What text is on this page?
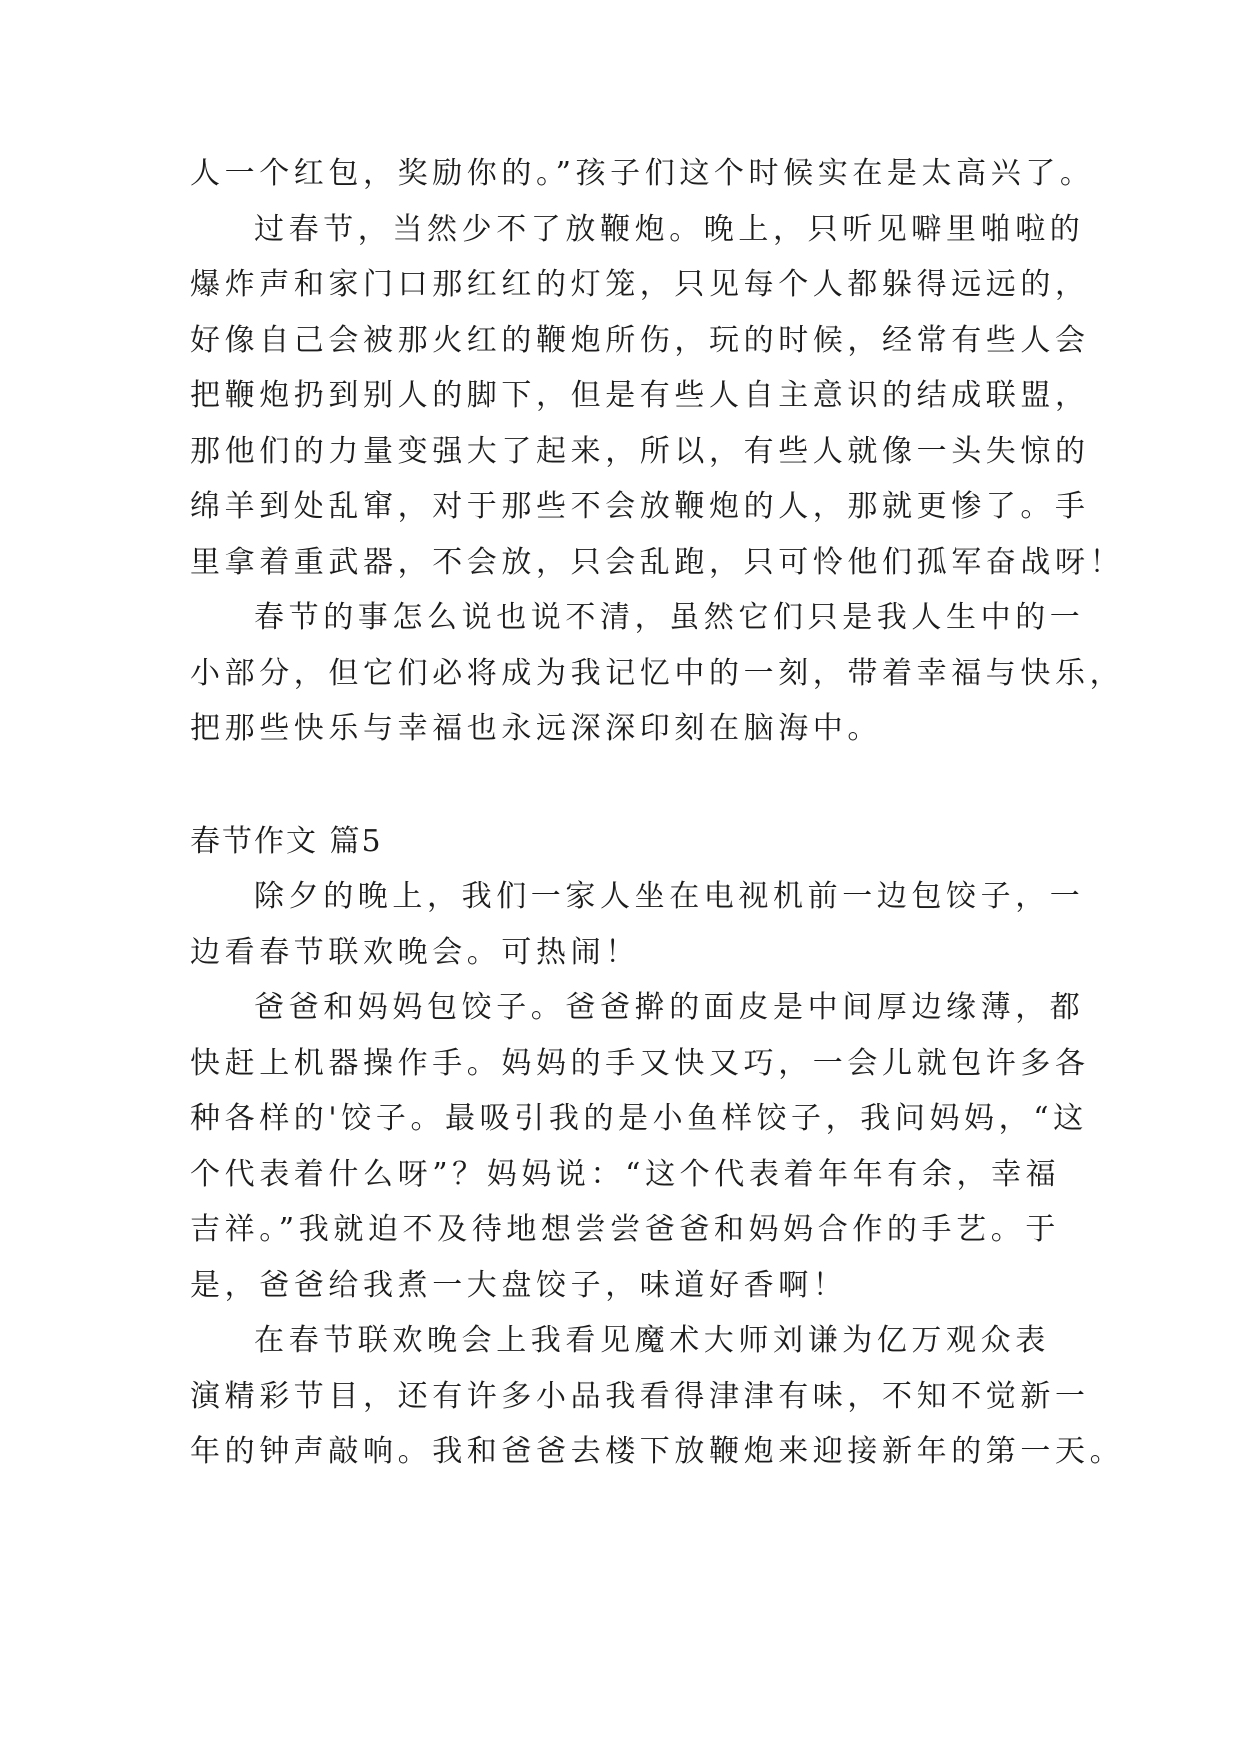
人一个红包，奖励你的。”孩子们这个时候实在是太高兴了。
过春节，当然少不了放鞭炮。晚上，只听见噼里啪啦的
爆炸声和家门口那红红的灯笼，只见每个人都躲得远远的，
好像自己会被那火红的鞭炮所伤，玩的时候，经常有些人会
把鞭炮扔到别人的脚下，但是有些人自主意识的结成联盟，
那他们的力量变强大了起来，所以，有些人就像一头失惊的
绵羊到处乱窜，对于那些不会放鞭炮的人，那就更惨了。手
里拿着重武器，不会放，只会乱跑，只可怜他们孤军奋战呀！
春节的事怎么说也说不清，虽然它们只是我人生中的一
小部分，但它们必将成为我记忆中的一刻，带着幸福与快乐，
把那些快乐与幸福也永远深深印刻在脑海中。
春节作文 篇5
除夕的晚上，我们一家人坐在电视机前一边包饺子，一
边看春节联欢晚会。可热闹！
爸爸和妈妈包饺子。爸爸擀的面皮是中间厚边缘薄，都
快赶上机器操作手。妈妈的手又快又巧，一会儿就包许多各
种各样的'饺子。最吸引我的是小鱼样饺子，我问妈妈，“这
个代表着什么呀”？妈妈说：“这个代表着年年有余，幸福
吉祥。”我就迫不及待地想尝尝爸爸和妈妈合作的手艺。于
是，爸爸给我煮一大盘饺子，味道好香啊！
在春节联欢晚会上我看见魔术大师刘谦为亿万观众表
演精彩节目，还有许多小品我看得津津有味，不知不觉新一
年的钟声敲响。我和爸爸去楼下放鞭炮来迎接新年的第一天。
